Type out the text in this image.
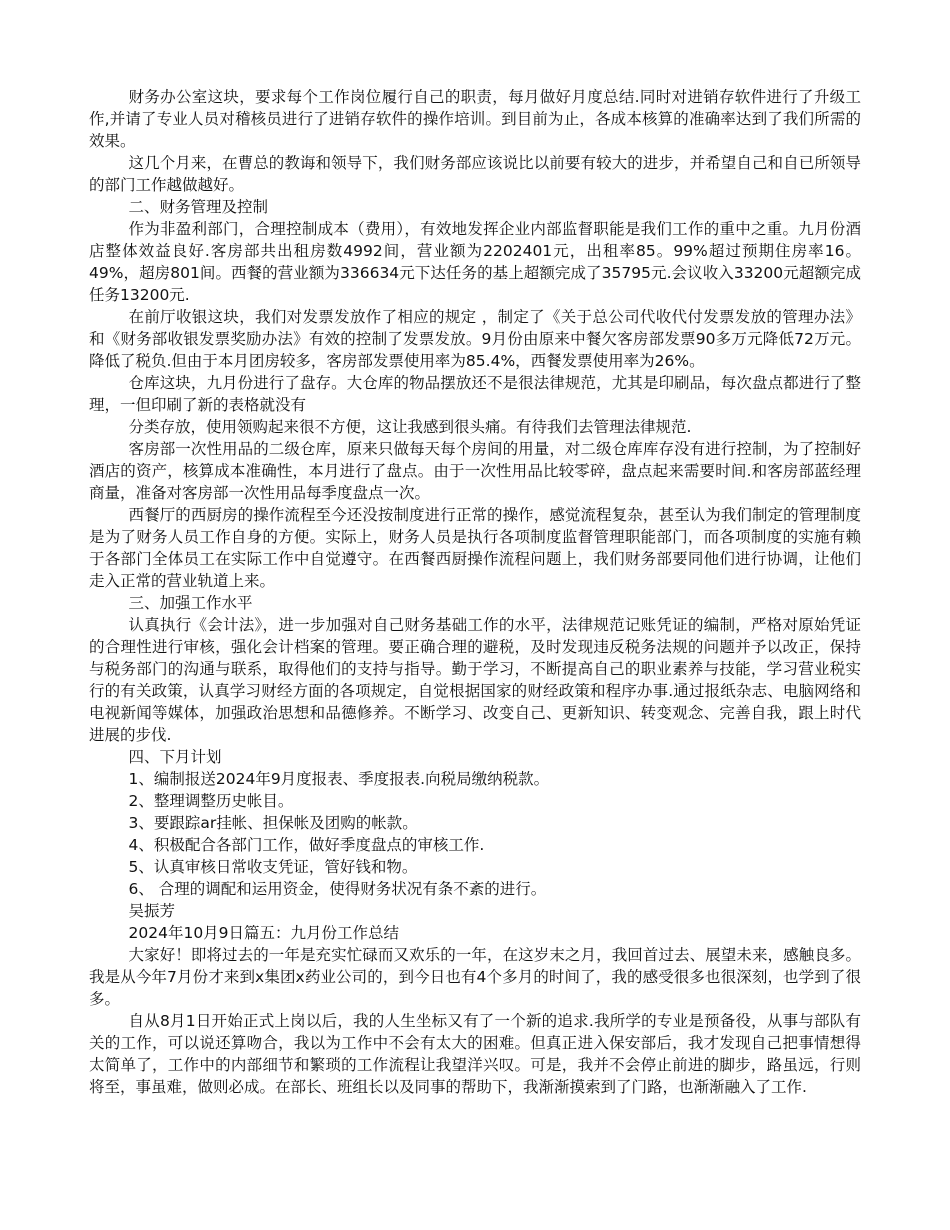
财务办公室这块，要求每个工作岗位履行自己的职责，每月做好月度总结.同时对进销存软件进行了升级工作,并请了专业人员对稽核员进行了进销存软件的操作培训。到目前为止，各成本核算的准确率达到了我们所需的效果。

这几个月来，在曹总的教诲和领导下，我们财务部应该说比以前要有较大的进步，并希望自己和自已所领导的部门工作越做越好。

二、财务管理及控制

作为非盈利部门，合理控制成本（费用），有效地发挥企业内部监督职能是我们工作的重中之重。九月份酒店整体效益良好.客房部共出租房数4992间，营业额为2202401元，出租率85。99%超过预期住房率16。49%，超房801间。西餐的营业额为336634元下达任务的基上超额完成了35795元.会议收入33200元超额完成任务13200元.

在前厅收银这块，我们对发票发放作了相应的规定 ，制定了《关于总公司代收代付发票发放的管理办法》和《财务部收银发票奖励办法》有效的控制了发票发放。9月份由原来中餐欠客房部发票90多万元降低72万元。降低了税负.但由于本月团房较多，客房部发票使用率为85.4%，西餐发票使用率为26%。

仓库这块，九月份进行了盘存。大仓库的物品摆放还不是很法律规范，尤其是印刷品，每次盘点都进行了整理，一但印刷了新的表格就没有

分类存放，使用领购起来很不方便，这让我感到很头痛。有待我们去管理法律规范.

客房部一次性用品的二级仓库，原来只做每天每个房间的用量，对二级仓库库存没有进行控制，为了控制好酒店的资产，核算成本准确性，本月进行了盘点。由于一次性用品比较零碎，盘点起来需要时间.和客房部蓝经理商量，准备对客房部一次性用品每季度盘点一次。

西餐厅的西厨房的操作流程至今还没按制度进行正常的操作，感觉流程复杂，甚至认为我们制定的管理制度是为了财务人员工作自身的方便。实际上，财务人员是执行各项制度监督管理职能部门，而各项制度的实施有赖于各部门全体员工在实际工作中自觉遵守。在西餐西厨操作流程问题上，我们财务部要同他们进行协调，让他们走入正常的营业轨道上来。

三、加强工作水平

认真执行《会计法》，进一步加强对自己财务基础工作的水平，法律规范记账凭证的编制，严格对原始凭证的合理性进行审核，强化会计档案的管理。要正确合理的避税，及时发现违反税务法规的问题并予以改正，保持与税务部门的沟通与联系，取得他们的支持与指导。勤于学习，不断提高自己的职业素养与技能，学习营业税实行的有关政策，认真学习财经方面的各项规定，自觉根据国家的财经政策和程序办事.通过报纸杂志、电脑网络和电视新闻等媒体，加强政治思想和品德修养。不断学习、改变自己、更新知识、转变观念、完善自我，跟上时代进展的步伐.

四、下月计划

1、编制报送2024年9月度报表、季度报表.向税局缴纳税款。

2、整理调整历史帐目。

3、要跟踪ar挂帐、担保帐及团购的帐款。

4、积极配合各部门工作，做好季度盘点的审核工作.

5、认真审核日常收支凭证，管好钱和物。

6、 合理的调配和运用资金，使得财务状况有条不紊的进行。

吴振芳

2024年10月9日篇五：九月份工作总结

大家好！即将过去的一年是充实忙碌而又欢乐的一年，在这岁末之月，我回首过去、展望未来，感触良多。我是从今年7月份才来到x集团x药业公司的，到今日也有4个多月的时间了，我的感受很多也很深刻，也学到了很多。

自从8月1日开始正式上岗以后，我的人生坐标又有了一个新的追求.我所学的专业是预备役，从事与部队有关的工作，可以说还算吻合，我以为工作中不会有太大的困难。但真正进入保安部后，我才发现自己把事情想得太简单了，工作中的内部细节和繁琐的工作流程让我望洋兴叹。可是，我并不会停止前进的脚步，路虽远，行则将至，事虽难，做则必成。在部长、班组长以及同事的帮助下，我渐渐摸索到了门路，也渐渐融入了工作.
